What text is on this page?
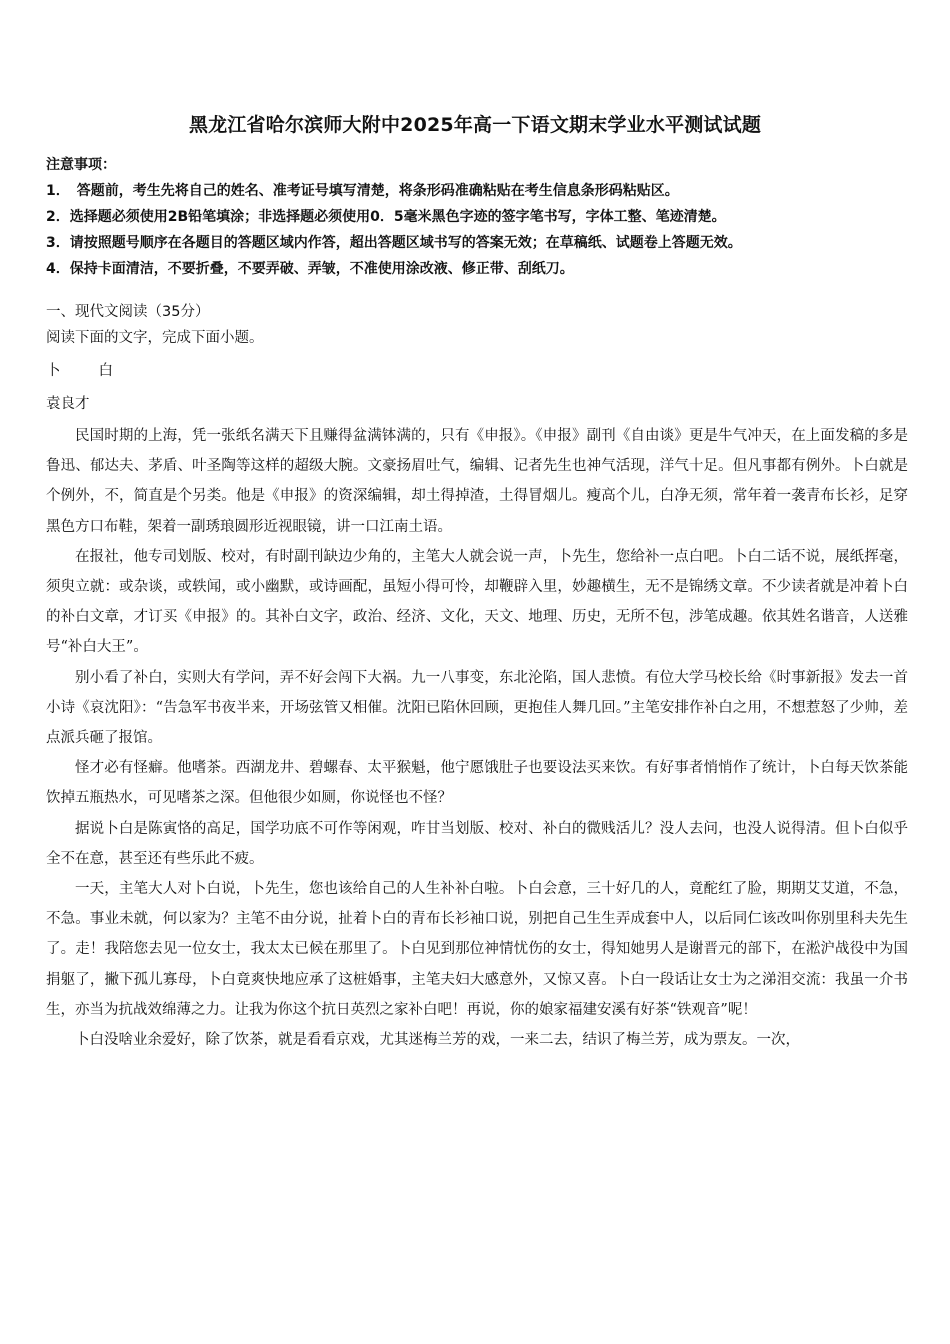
黑龙江省哈尔滨师大附中2025年高一下语文期末学业水平测试试题
注意事项：
1．　答题前，考生先将自己的姓名、准考证号填写清楚，将条形码准确粘贴在考生信息条形码粘贴区。
2．选择题必须使用2B铅笔填涂；非选择题必须使用0．5毫米黑色字迹的签字笔书写，字体工整、笔迹清楚。
3．请按照题号顺序在各题目的答题区域内作答，超出答题区域书写的答案无效；在草稿纸、试题卷上答题无效。
4．保持卡面清洁，不要折叠，不要弄破、弄皱，不准使用涂改液、修正带、刮纸刀。
一、现代文阅读（35分）
阅读下面的文字，完成下面小题。
卜白
袁良才

民国时期的上海，凭一张纸名满天下且赚得盆满钵满的，只有《申报》。《申报》副刊《自由谈》更是牛气冲天，在上面发稿的多是鲁迅、郁达夫、茅盾、叶圣陶等这样的超级大腕。文豪扬眉吐气，编辑、记者先生也神气活现，洋气十足。但凡事都有例外。卜白就是个例外，不，简直是个另类。他是《申报》的资深编辑，却土得掉渣，土得冒烟儿。瘦高个儿，白净无须，常年着一袭青布长衫，足穿黑色方口布鞋，架着一副琇琅圆形近视眼镜，讲一口江南土语。

在报社，他专司划版、校对，有时副刊缺边少角的，主笔大人就会说一声，卜先生，您给补一点白吧。卜白二话不说，展纸挥毫，须臾立就：或杂谈，或轶闻，或小幽默，或诗画配，虽短小得可怜，却鞭辟入里，妙趣横生，无不是锦绣文章。不少读者就是冲着卜白的补白文章，才订买《申报》的。其补白文字，政治、经济、文化，天文、地理、历史，无所不包，涉笔成趣。依其姓名谐音，人送雅号“补白大王”。

别小看了补白，实则大有学问，弄不好会闯下大祸。九一八事变，东北沦陷，国人悲愤。有位大学马校长给《时事新报》发去一首小诗《哀沈阳》：“告急军书夜半来，开场弦管又相催。沈阳已陷休回顾，更抱佳人舞几回。”主笔安排作补白之用，不想惹怒了少帅，差点派兵砸了报馆。

怪才必有怪癖。他嗜茶。西湖龙井、碧螺春、太平猴魁，他宁愿饿肚子也要设法买来饮。有好事者悄悄作了统计，卜白每天饮茶能饮掉五瓶热水，可见嗜茶之深。但他很少如厕，你说怪也不怪？

据说卜白是陈寅恪的高足，国学功底不可作等闲观，咋甘当划版、校对、补白的微贱活儿？没人去问，也没人说得清。但卜白似乎全不在意，甚至还有些乐此不疲。

一天，主笔大人对卜白说，卜先生，您也该给自己的人生补补白啦。卜白会意，三十好几的人，竟酡红了脸，期期艾艾道，不急，不急。事业未就，何以家为？主笔不由分说，扯着卜白的青布长衫袖口说，别把自己生生弄成套中人，以后同仁该改叫你别里科夫先生了。走！我陪您去见一位女士，我太太已候在那里了。卜白见到那位神情忧伤的女士，得知她男人是谢晋元的部下，在淞沪战役中为国捐躯了，撇下孤儿寡母，卜白竟爽快地应承了这桩婚事，主笔夫妇大感意外，又惊又喜。卜白一段话让女士为之涕泪交流：我虽一介书生，亦当为抗战效绵薄之力。让我为你这个抗日英烈之家补白吧！再说，你的娘家福建安溪有好茶“铁观音”呢！

卜白没啥业余爱好，除了饮茶，就是看看京戏，尤其迷梅兰芳的戏，一来二去，结识了梅兰芳，成为票友。一次，
